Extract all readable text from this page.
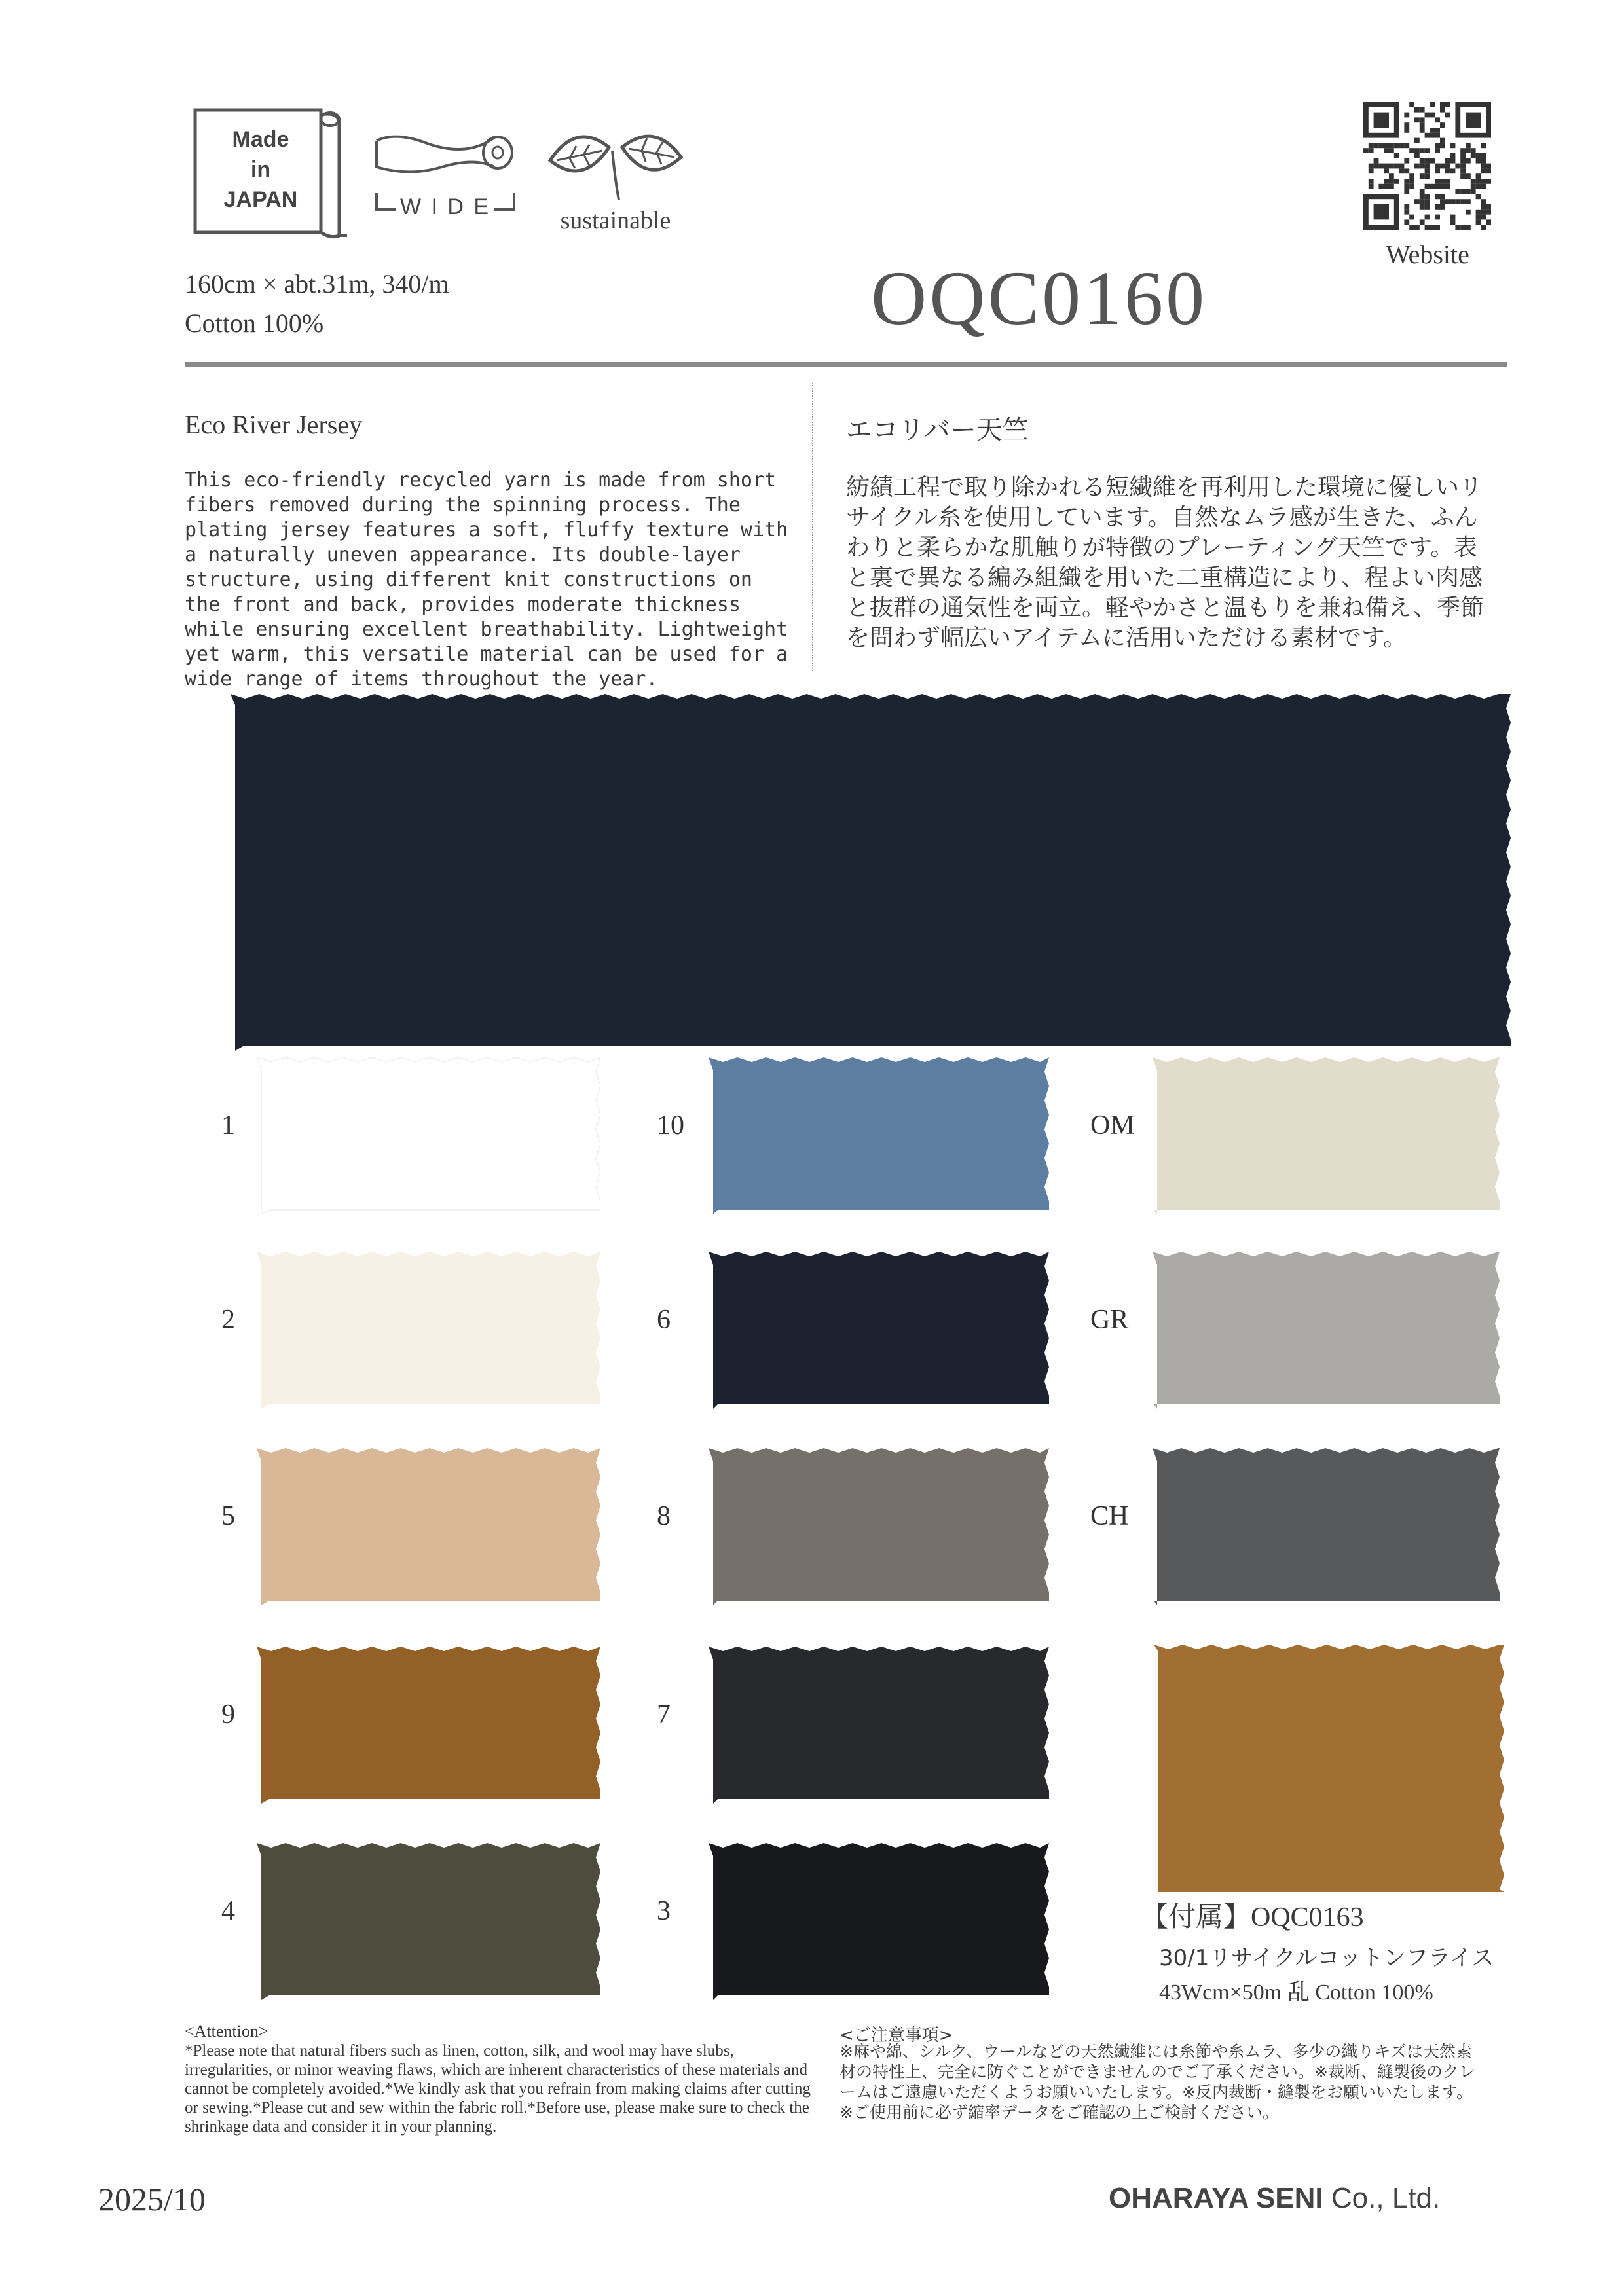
Made
in
JAPAN	W I D E	sustainable
Website
160cm × abt.31m, 340/m
Cotton 100%	OQC0160
Eco River Jersey	エコリバー天竺
This eco-friendly recycled yarn is made from short fibers removed during the spinning process. The plating jersey features a soft, fluffy texture with a naturally uneven appearance. Its double-layer structure, using different knit constructions on the front and back, provides moderate thickness while ensuring excellent breathability. Lightweight yet warm, this versatile material can be used for a wide range of items throughout the year.
紡績工程で取り除かれる短繊維を再利用した環境に優しいリサイクル糸を使用しています。自然なムラ感が生きた、ふんわりと柔らかな肌触りが特徴のプレーティング天竺です。表と裏で異なる編み組織を用いた二重構造により、程よい肉感と抜群の通気性を両立。軽やかさと温もりを兼ね備え、季節を問わず幅広いアイテムに活用いただける素材です。
1
2
5
9
4
10
6
8
7
3
OM
GR
CH
【付属】OQC0163
30/1リサイクルコットンフライス
43Wcm×50m 乱 Cotton 100%
<Attention>
*Please note that natural fibers such as linen, cotton, silk, and wool may have slubs, irregularities, or minor weaving flaws, which are inherent characteristics of these materials and cannot be completely avoided.*We kindly ask that you refrain from making claims after cutting or sewing.*Please cut and sew within the fabric roll.*Before use, please make sure to check the shrinkage data and consider it in your planning.
<ご注意事項>
※麻や綿、シルク、ウールなどの天然繊維には糸節や糸ムラ、多少の織りキズは天然素材の特性上、完全に防ぐことができませんのでご了承ください。※裁断、縫製後のクレームはご遠慮いただくようお願いいたします。※反内裁断・縫製をお願いいたします。※ご使用前に必ず縮率データをご確認の上ご検討ください。
2025/10	OHARAYA SENI Co., Ltd.
